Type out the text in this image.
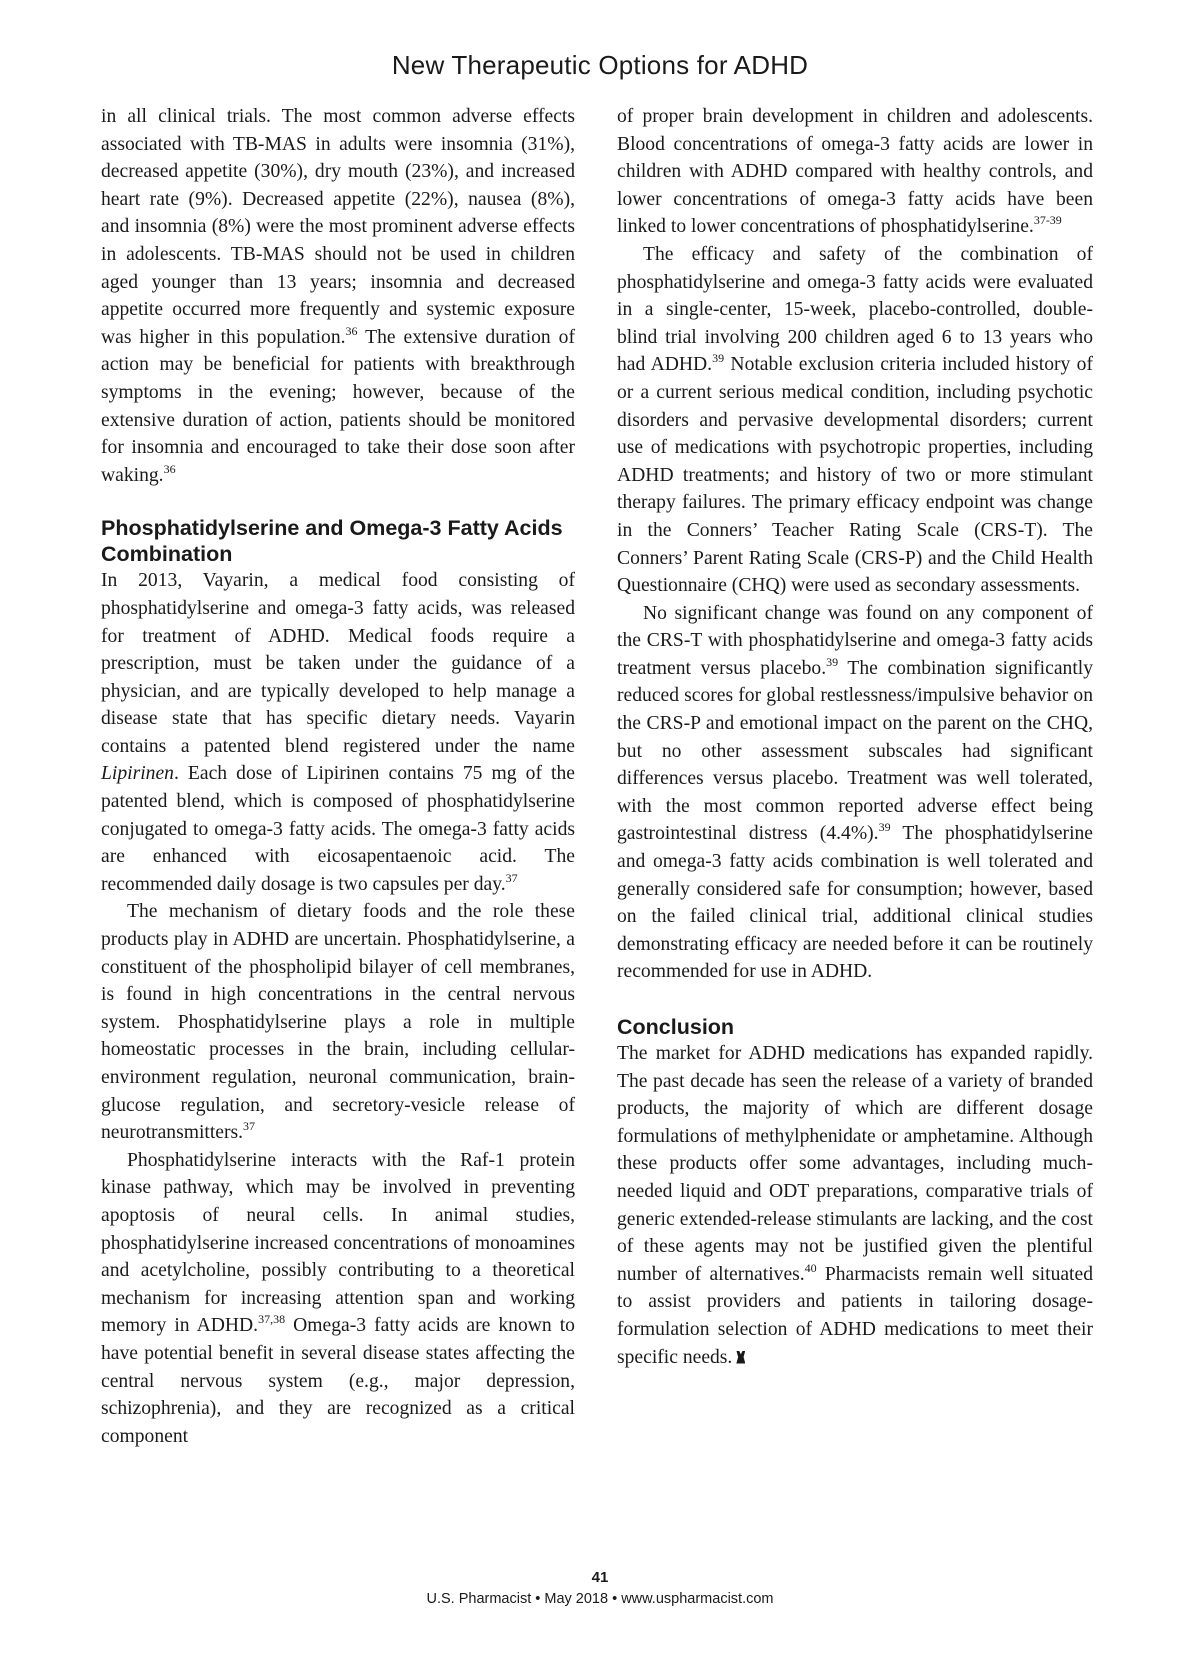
New Therapeutic Options for ADHD

in all clinical trials. The most common adverse effects associated with TB-MAS in adults were insomnia (31%), decreased appetite (30%), dry mouth (23%), and increased heart rate (9%). Decreased appetite (22%), nausea (8%), and insomnia (8%) were the most prominent adverse effects in adolescents. TB-MAS should not be used in children aged younger than 13 years; insomnia and decreased appetite occurred more frequently and systemic exposure was higher in this population.$^{36}$ The extensive duration of action may be beneficial for patients with breakthrough symptoms in the evening; however, because of the extensive duration of action, patients should be monitored for insomnia and encouraged to take their dose soon after waking.$^{36}$

Phosphatidylserine and Omega-3 Fatty Acids Combination

In 2013, Vayarin, a medical food consisting of phosphatidylserine and omega-3 fatty acids, was released for treatment of ADHD. Medical foods require a prescription, must be taken under the guidance of a physician, and are typically developed to help manage a disease state that has specific dietary needs. Vayarin contains a patented blend registered under the name Lipirinen. Each dose of Lipirinen contains 75 mg of the patented blend, which is composed of phosphatidylserine conjugated to omega-3 fatty acids. The omega-3 fatty acids are enhanced with eicosapentaenoic acid. The recommended daily dosage is two capsules per day.$^{37}$

The mechanism of dietary foods and the role these products play in ADHD are uncertain. Phosphatidylserine, a constituent of the phospholipid bilayer of cell membranes, is found in high concentrations in the central nervous system. Phosphatidylserine plays a role in multiple homeostatic processes in the brain, including cellular-environment regulation, neuronal communication, brain-glucose regulation, and secretory-vesicle release of neurotransmitters.$^{37}$

Phosphatidylserine interacts with the Raf-1 protein kinase pathway, which may be involved in preventing apoptosis of neural cells. In animal studies, phosphatidylserine increased concentrations of monoamines and acetylcholine, possibly contributing to a theoretical mechanism for increasing attention span and working memory in ADHD.$^{37,38}$ Omega-3 fatty acids are known to have potential benefit in several disease states affecting the central nervous system (e.g., major depression, schizophrenia), and they are recognized as a critical component

of proper brain development in children and adolescents. Blood concentrations of omega-3 fatty acids are lower in children with ADHD compared with healthy controls, and lower concentrations of omega-3 fatty acids have been linked to lower concentrations of phosphatidylserine.$^{37-39}$

The efficacy and safety of the combination of phosphatidylserine and omega-3 fatty acids were evaluated in a single-center, 15-week, placebo-controlled, double-blind trial involving 200 children aged 6 to 13 years who had ADHD.$^{39}$ Notable exclusion criteria included history of or a current serious medical condition, including psychotic disorders and pervasive developmental disorders; current use of medications with psychotropic properties, including ADHD treatments; and history of two or more stimulant therapy failures. The primary efficacy endpoint was change in the Conners’ Teacher Rating Scale (CRS-T). The Conners’ Parent Rating Scale (CRS-P) and the Child Health Questionnaire (CHQ) were used as secondary assessments.

No significant change was found on any component of the CRS-T with phosphatidylserine and omega-3 fatty acids treatment versus placebo.$^{39}$ The combination significantly reduced scores for global restlessness/impulsive behavior on the CRS-P and emotional impact on the parent on the CHQ, but no other assessment subscales had significant differences versus placebo. Treatment was well tolerated, with the most common reported adverse effect being gastrointestinal distress (4.4%).$^{39}$ The phosphatidylserine and omega-3 fatty acids combination is well tolerated and generally considered safe for consumption; however, based on the failed clinical trial, additional clinical studies demonstrating efficacy are needed before it can be routinely recommended for use in ADHD.

Conclusion

The market for ADHD medications has expanded rapidly. The past decade has seen the release of a variety of branded products, the majority of which are different dosage formulations of methylphenidate or amphetamine. Although these products offer some advantages, including much-needed liquid and ODT preparations, comparative trials of generic extended-release stimulants are lacking, and the cost of these agents may not be justified given the plentiful number of alternatives.$^{40}$ Pharmacists remain well situated to assist providers and patients in tailoring dosage-formulation selection of ADHD medications to meet their specific needs.

41
U.S. Pharmacist • May 2018 • www.uspharmacist.com
